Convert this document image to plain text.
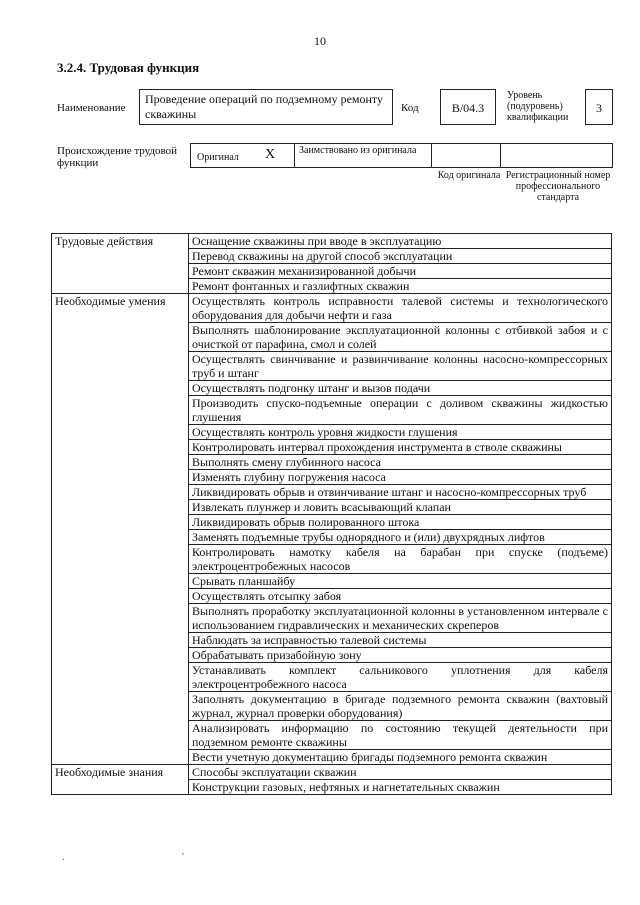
10
3.2.4. Трудовая функция
Наименование
Проведение операций по подземному ремонту скважины	Код	B/04.3
Уровень (подуровень) квалификации
3
Происхождение трудовой функции	Оригинал X Заимствовано из оригинала
Код оригинала Регистрационный номер профессионального стандарта
Трудовые действия	Оснащение скважины при вводе в эксплуатацию
	Перевод скважины на другой способ эксплуатации
	Ремонт скважин механизированной добычи
	Ремонт фонтанных и газлифтных скважин
Необходимые умения	Осуществлять контроль исправности талевой системы и технологического оборудования для добычи нефти и газа
	Выполнять шаблонирование эксплуатационной колонны с отбивкой забоя и с очисткой от парафина, смол и солей
	Осуществлять свинчивание и развинчивание колонны насосно-компрессорных труб и штанг
	Осуществлять подгонку штанг и вызов подачи
	Производить спуско-подъемные операции с доливом скважины жидкостью глушения
	Осуществлять контроль уровня жидкости глушения
	Контролировать интервал прохождения инструмента в стволе скважины
	Выполнять смену глубинного насоса
	Изменять глубину погружения насоса
	Ликвидировать обрыв и отвинчивание штанг и насосно-компрессорных труб
	Извлекать плунжер и ловить всасывающий клапан
	Ликвидировать обрыв полированного штока
	Заменять подъемные трубы однорядного и (или) двухрядных лифтов
	Контролировать намотку кабеля на барабан при спуске (подъеме) электроцентробежных насосов
	Срывать планшайбу
	Осуществлять отсыпку забоя
	Выполнять проработку эксплуатационной колонны в установленном интервале с использованием гидравлических и механических скреперов
	Наблюдать за исправностью талевой системы
	Обрабатывать призабойную зону
	Устанавливать комплект сальникового уплотнения для кабеля электроцентробежного насоса
	Заполнять документацию в бригаде подземного ремонта скважин (вахтовый журнал, журнал проверки оборудования)
	Анализировать информацию по состоянию текущей деятельности при подземном ремонте скважины
	Вести учетную документацию бригады подземного ремонта скважин
Необходимые знания	Способы эксплуатации скважин
	Конструкции газовых, нефтяных и нагнетательных скважин
.                                               '
